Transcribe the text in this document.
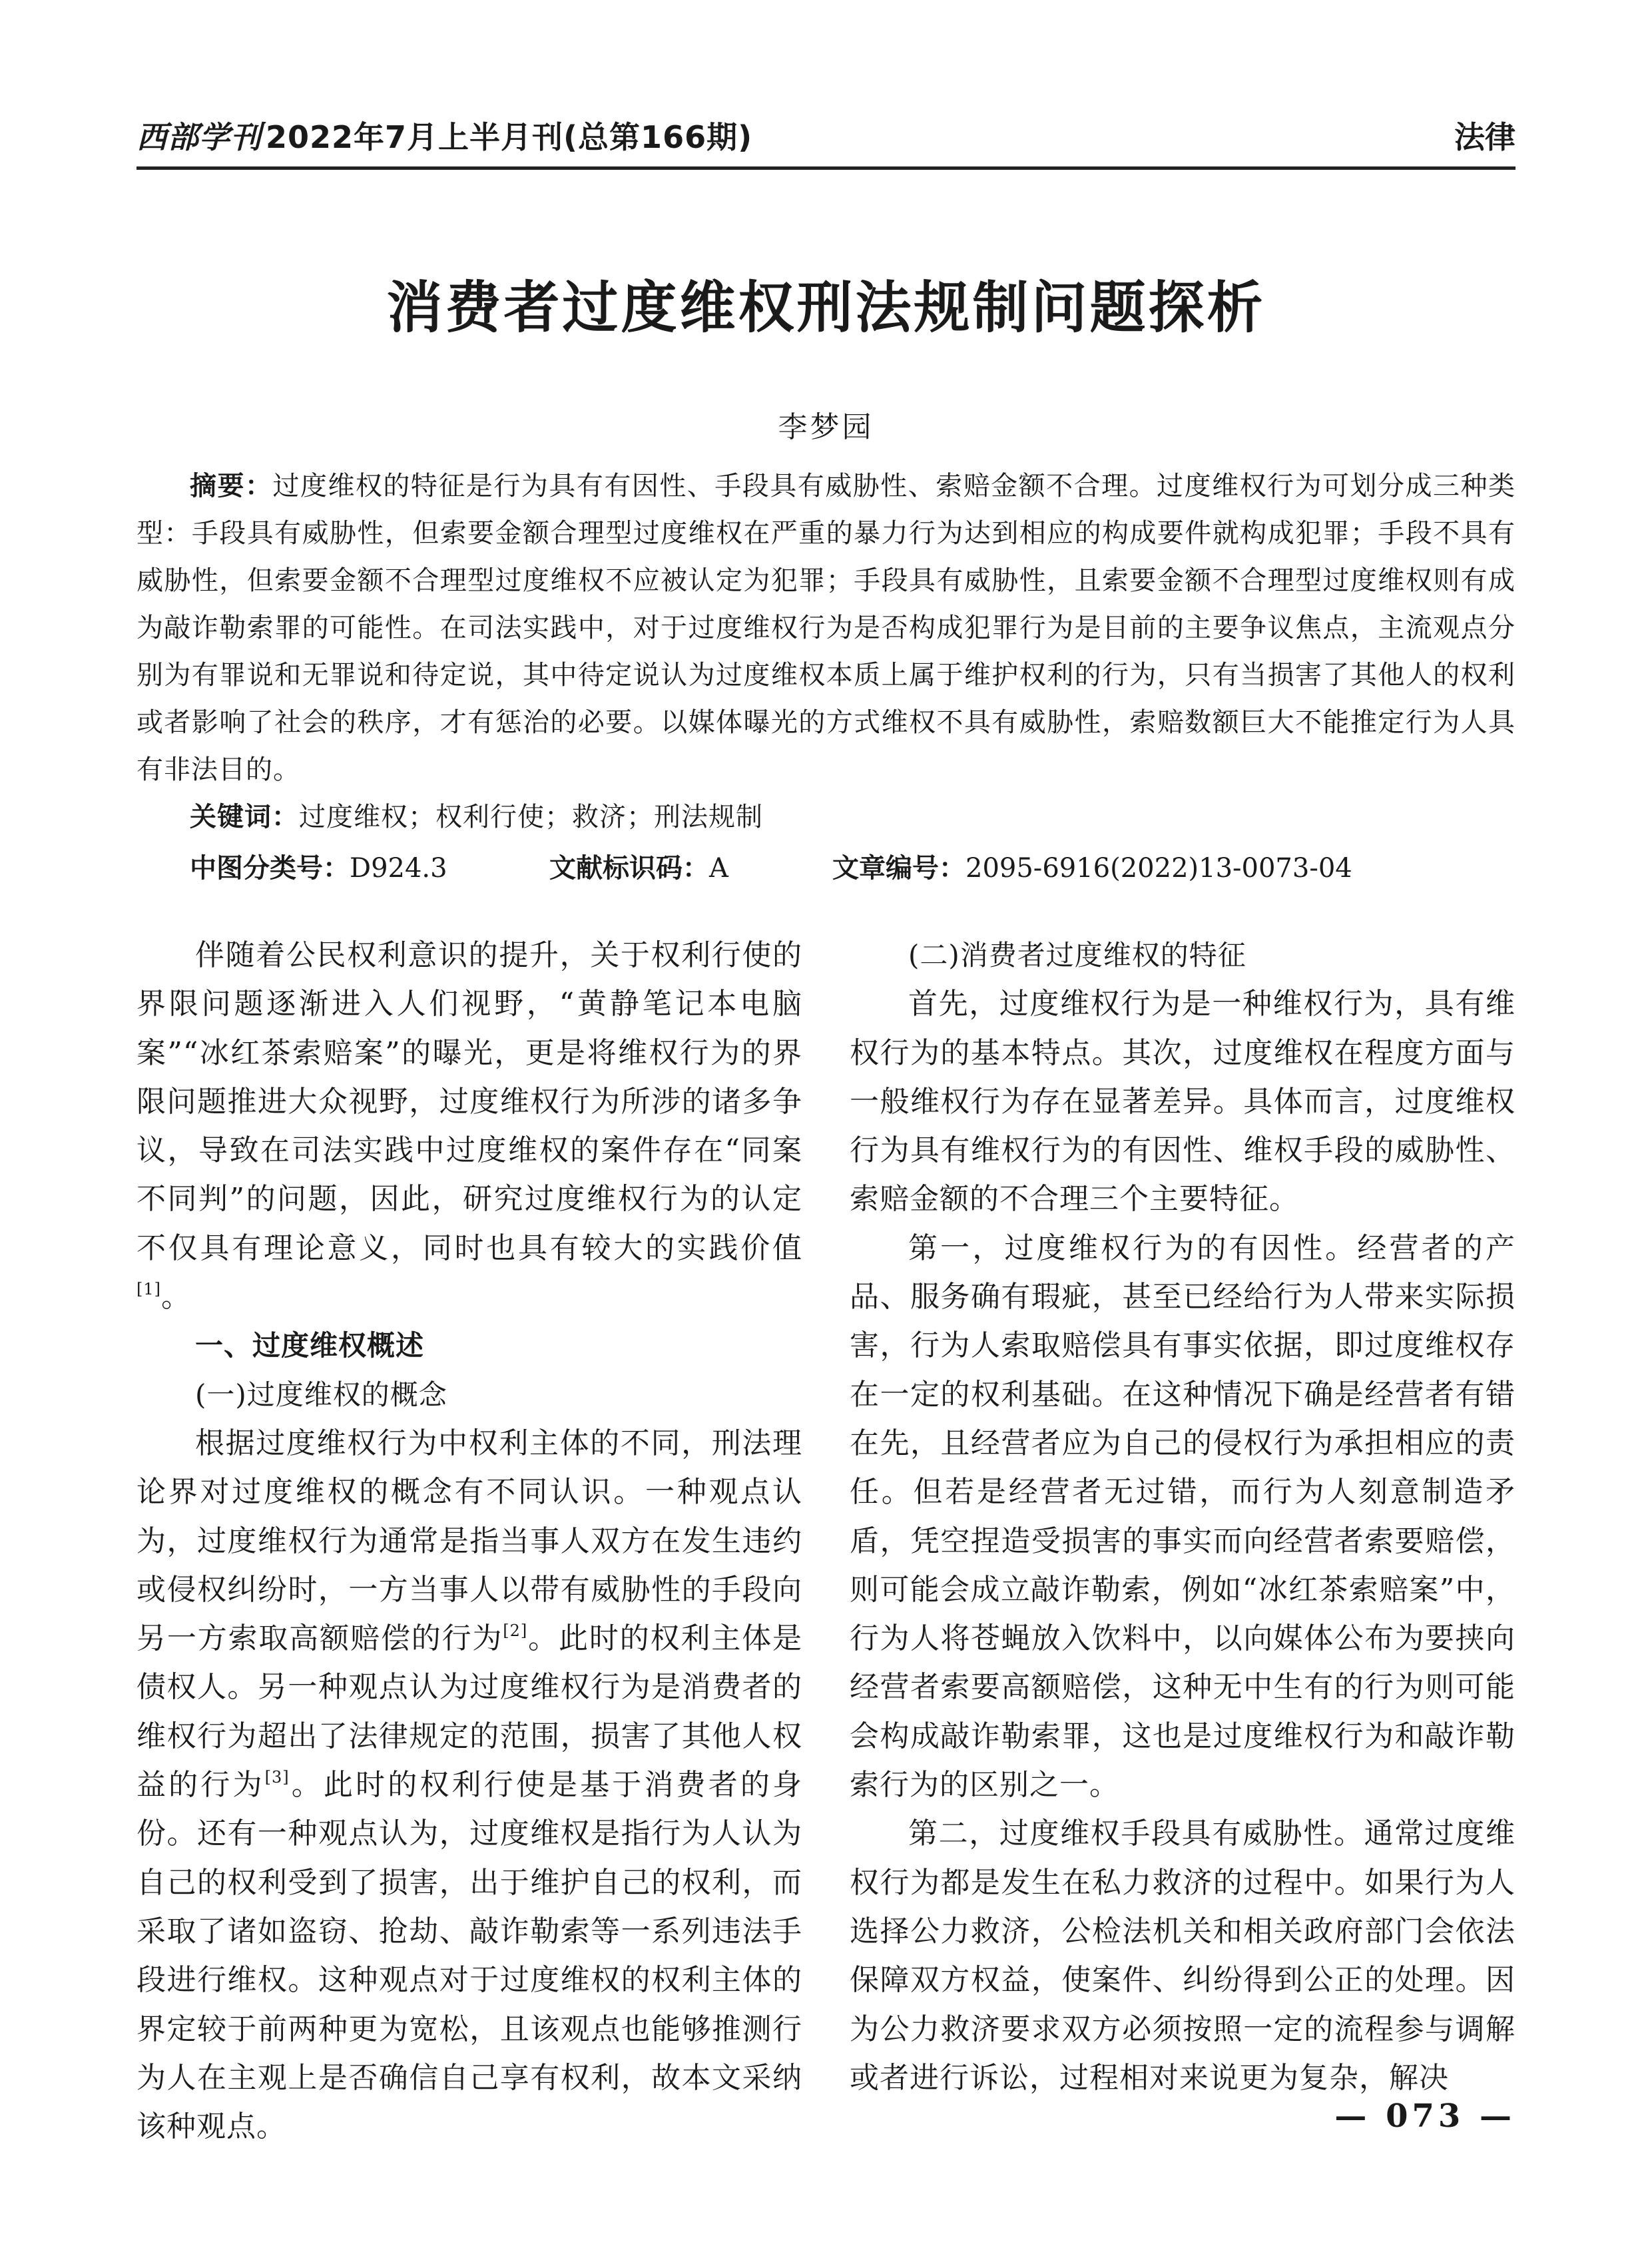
西部学刊 2022年7月上半月刊(总第166期)	法律
消费者过度维权刑法规制问题探析
李梦园
摘要：过度维权的特征是行为具有有因性、手段具有威胁性、索赔金额不合理。过度维权行为可划分成三种类型：手段具有威胁性，但索要金额合理型过度维权在严重的暴力行为达到相应的构成要件就构成犯罪；手段不具有威胁性，但索要金额不合理型过度维权不应被认定为犯罪；手段具有威胁性，且索要金额不合理型过度维权则有成为敲诈勒索罪的可能性。在司法实践中，对于过度维权行为是否构成犯罪行为是目前的主要争议焦点，主流观点分别为有罪说和无罪说和待定说，其中待定说认为过度维权本质上属于维护权利的行为，只有当损害了其他人的权利或者影响了社会的秩序，才有惩治的必要。以媒体曝光的方式维权不具有威胁性，索赔数额巨大不能推定行为人具有非法目的。
关键词：过度维权；权利行使；救济；刑法规制
中图分类号：D924.3	文献标识码：A	文章编号：2095-6916(2022)13-0073-04

伴随着公民权利意识的提升，关于权利行使的界限问题逐渐进入人们视野，“黄静笔记本电脑案”“冰红茶索赔案”的曝光，更是将维权行为的界限问题推进大众视野，过度维权行为所涉的诸多争议，导致在司法实践中过度维权的案件存在“同案不同判”的问题，因此，研究过度维权行为的认定不仅具有理论意义，同时也具有较大的实践价值[1]。

一、过度维权概述

(一)过度维权的概念

根据过度维权行为中权利主体的不同，刑法理论界对过度维权的概念有不同认识。一种观点认为，过度维权行为通常是指当事人双方在发生违约或侵权纠纷时，一方当事人以带有威胁性的手段向另一方索取高额赔偿的行为[2]。此时的权利主体是债权人。另一种观点认为过度维权行为是消费者的维权行为超出了法律规定的范围，损害了其他人权益的行为[3]。此时的权利行使是基于消费者的身份。还有一种观点认为，过度维权是指行为人认为自己的权利受到了损害，出于维护自己的权利，而采取了诸如盗窃、抢劫、敲诈勒索等一系列违法手段进行维权。这种观点对于过度维权的权利主体的界定较于前两种更为宽松，且该观点也能够推测行为人在主观上是否确信自己享有权利，故本文采纳该种观点。

(二)消费者过度维权的特征

首先，过度维权行为是一种维权行为，具有维权行为的基本特点。其次，过度维权在程度方面与一般维权行为存在显著差异。具体而言，过度维权行为具有维权行为的有因性、维权手段的威胁性、索赔金额的不合理三个主要特征。

第一，过度维权行为的有因性。经营者的产品、服务确有瑕疵，甚至已经给行为人带来实际损害，行为人索取赔偿具有事实依据，即过度维权存在一定的权利基础。在这种情况下确是经营者有错在先，且经营者应为自己的侵权行为承担相应的责任。但若是经营者无过错，而行为人刻意制造矛盾，凭空捏造受损害的事实而向经营者索要赔偿，则可能会成立敲诈勒索，例如“冰红茶索赔案”中，行为人将苍蝇放入饮料中，以向媒体公布为要挟向经营者索要高额赔偿，这种无中生有的行为则可能会构成敲诈勒索罪，这也是过度维权行为和敲诈勒索行为的区别之一。

第二，过度维权手段具有威胁性。通常过度维权行为都是发生在私力救济的过程中。如果行为人选择公力救济，公检法机关和相关政府部门会依法保障双方权益，使案件、纠纷得到公正的处理。因为公力救济要求双方必须按照一定的流程参与调解或者进行诉讼，过程相对来说更为复杂，解决

— 073 —
